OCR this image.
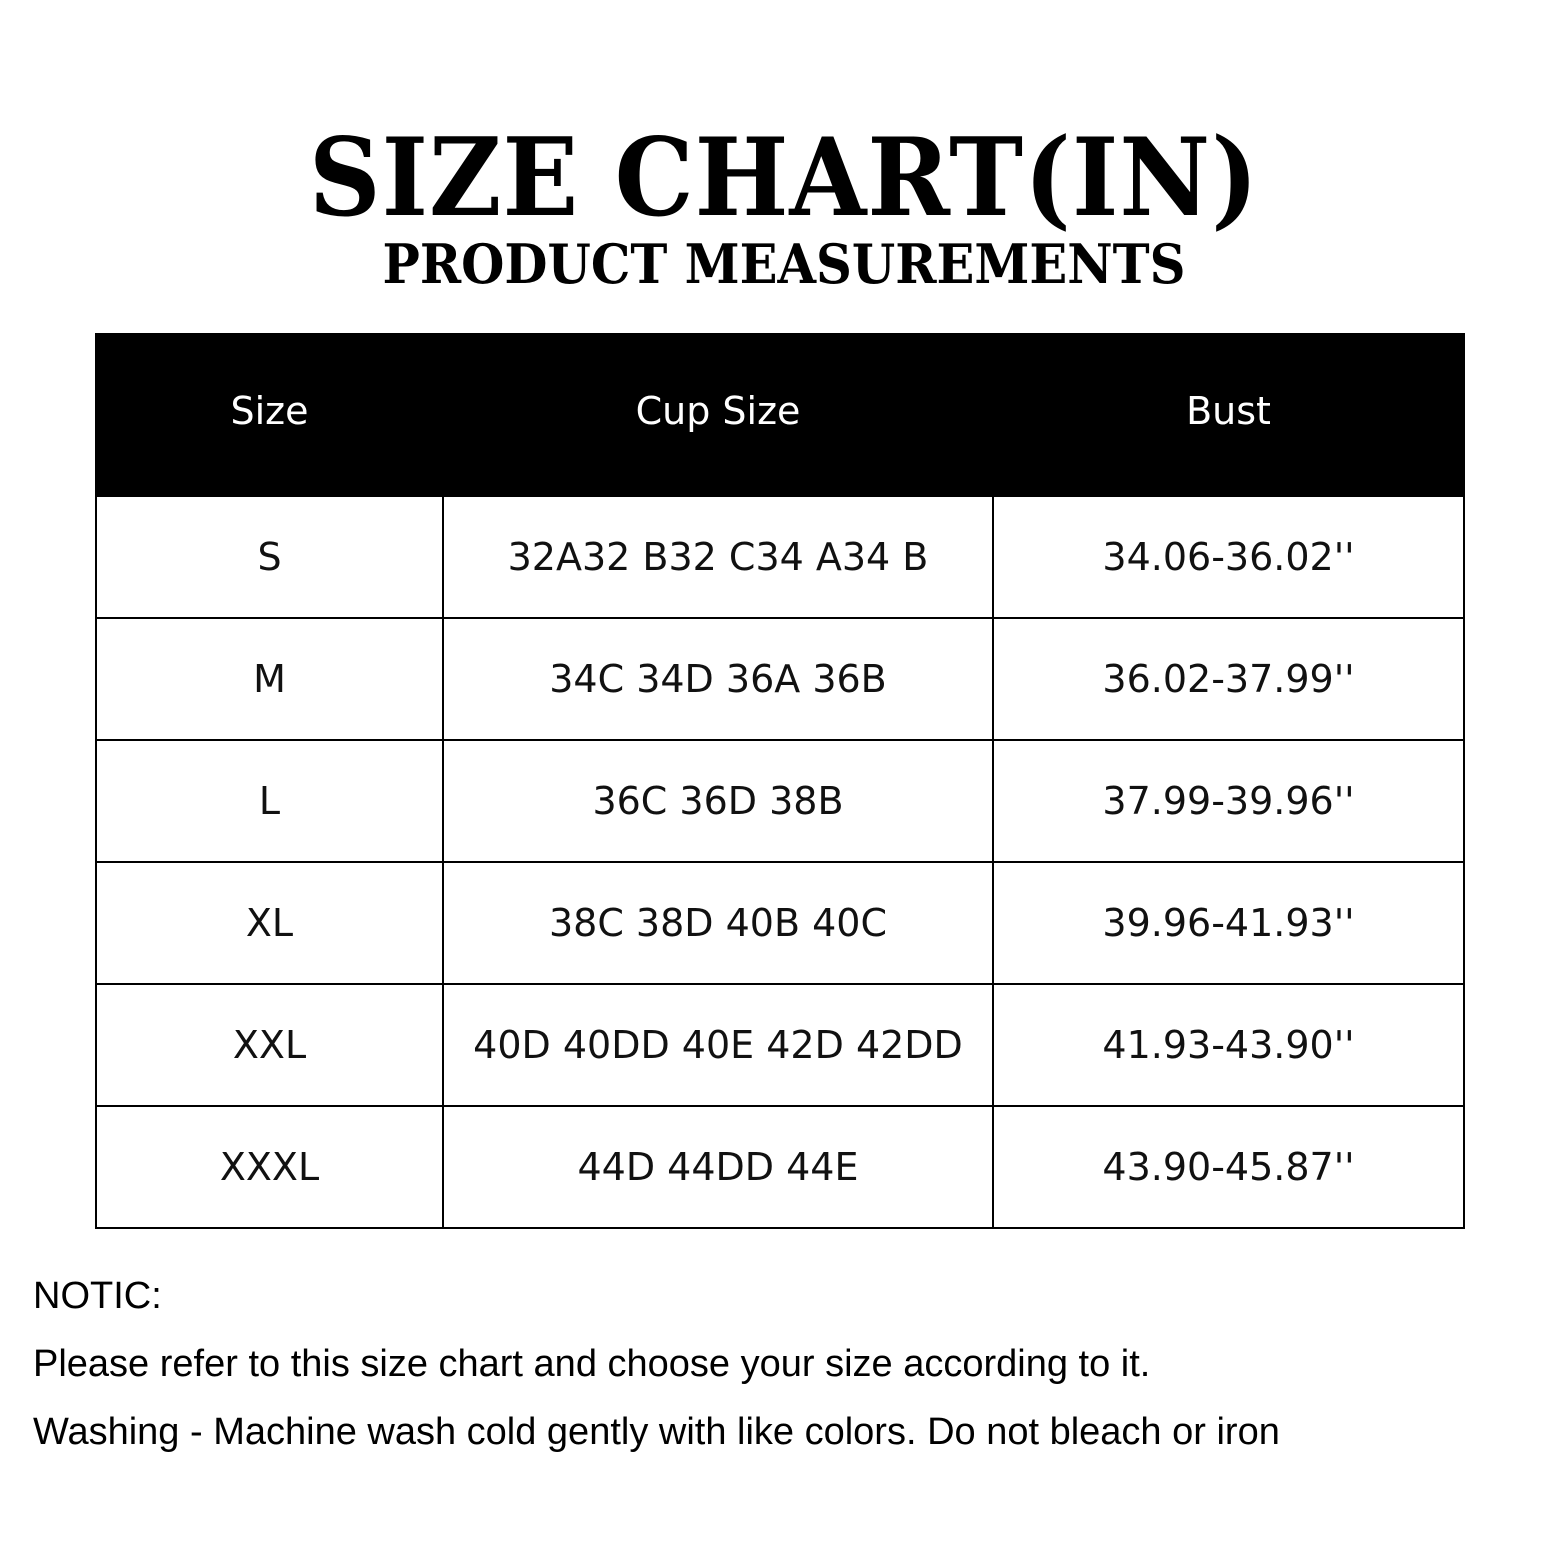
SIZE CHART(IN)
PRODUCT MEASUREMENTS
Size	Cup Size	Bust
S	32A32 B32 C34 A34 B	34.06-36.02''
M	34C 34D 36A 36B	36.02-37.99''
L	36C 36D 38B	37.99-39.96''
XL	38C 38D 40B 40C	39.96-41.93''
XXL	40D 40DD 40E 42D 42DD	41.93-43.90''
XXXL	44D 44DD 44E	43.90-45.87''

NOTIC:

Please refer to this size chart and choose your size according to it.

Washing - Machine wash cold gently with like colors. Do not bleach or iron
